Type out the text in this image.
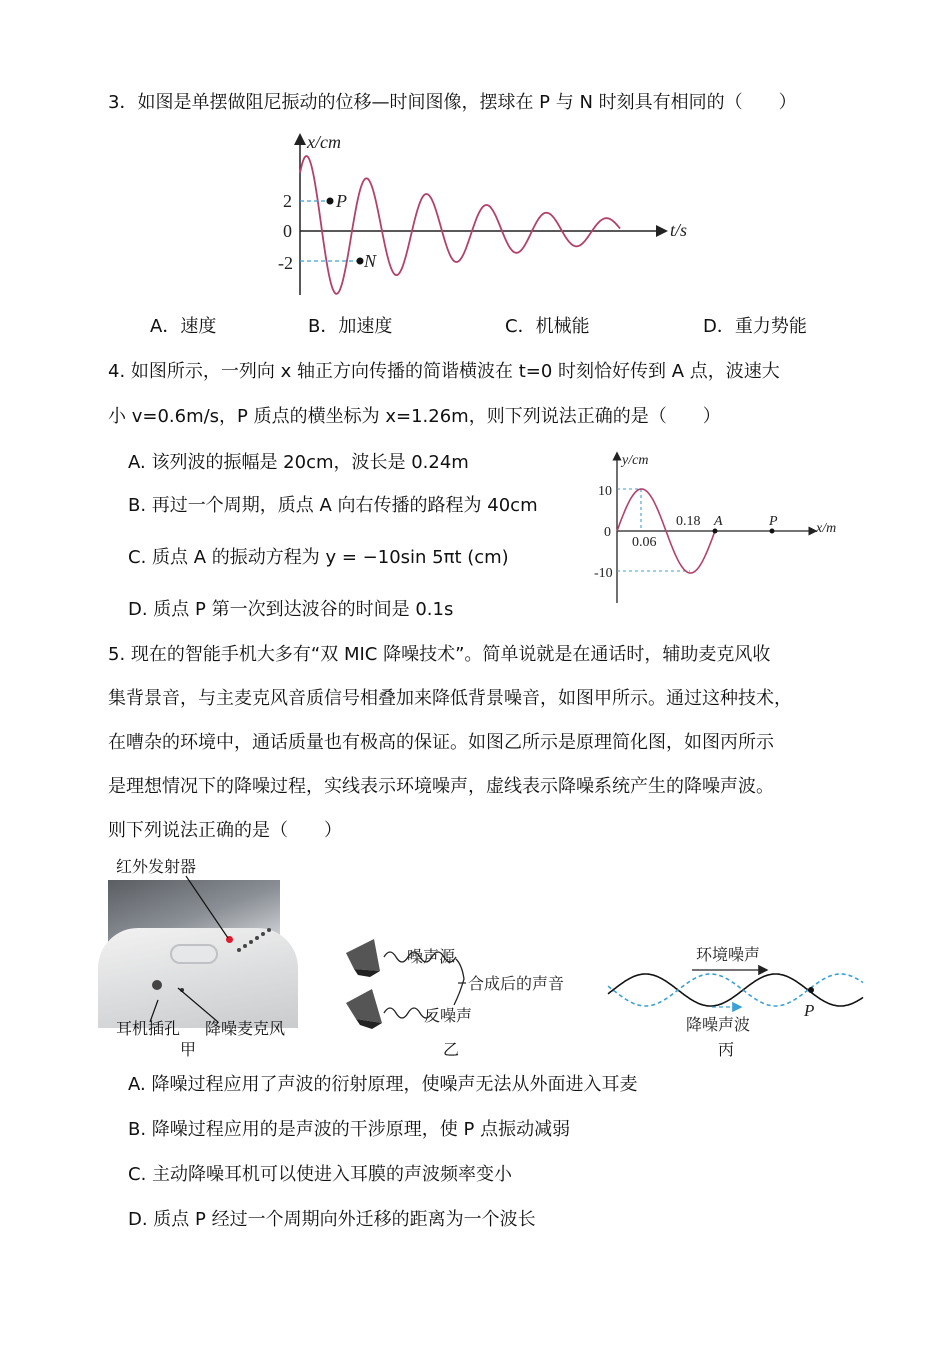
3．如图是单摆做阻尼振动的位移—时间图像，摆球在 P 与 N 时刻具有相同的（　　）
x/cm
t/s
2
0
-2
P
N
A．速度	B．加速度	C．机械能	D．重力势能
4. 如图所示，一列向 x 轴正方向传播的简谐横波在 t=0 时刻恰好传到 A 点，波速大
小 v=0.6m/s，P 质点的横坐标为 x=1.26m，则下列说法正确的是（　　）
A. 该列波的振幅是 20cm，波长是 0.24m
B. 再过一个周期，质点 A 向右传播的路程为 40cm
C. 质点 A 的振动方程为 y = −10sin 5πt (cm)
D. 质点 P 第一次到达波谷的时间是 0.1s
y/cm
x/m
10
0
-10
0.06
0.18 A	P
5. 现在的智能手机大多有“双 MIC 降噪技术”。简单说就是在通话时，辅助麦克风收
集背景音，与主麦克风音质信号相叠加来降低背景噪音，如图甲所示。通过这种技术，
在嘈杂的环境中，通话质量也有极高的保证。如图乙所示是原理简化图，如图丙所示
是理想情况下的降噪过程，实线表示环境噪声，虚线表示降噪系统产生的降噪声波。
则下列说法正确的是（　　）
红外发射器
耳机插孔 降噪麦克风
甲
噪声源
合成后的声音
反噪声
乙
环境噪声
P
降噪声波
丙
A. 降噪过程应用了声波的衍射原理，使噪声无法从外面进入耳麦
B. 降噪过程应用的是声波的干涉原理，使 P 点振动减弱
C. 主动降噪耳机可以使进入耳膜的声波频率变小
D. 质点 P 经过一个周期向外迁移的距离为一个波长
